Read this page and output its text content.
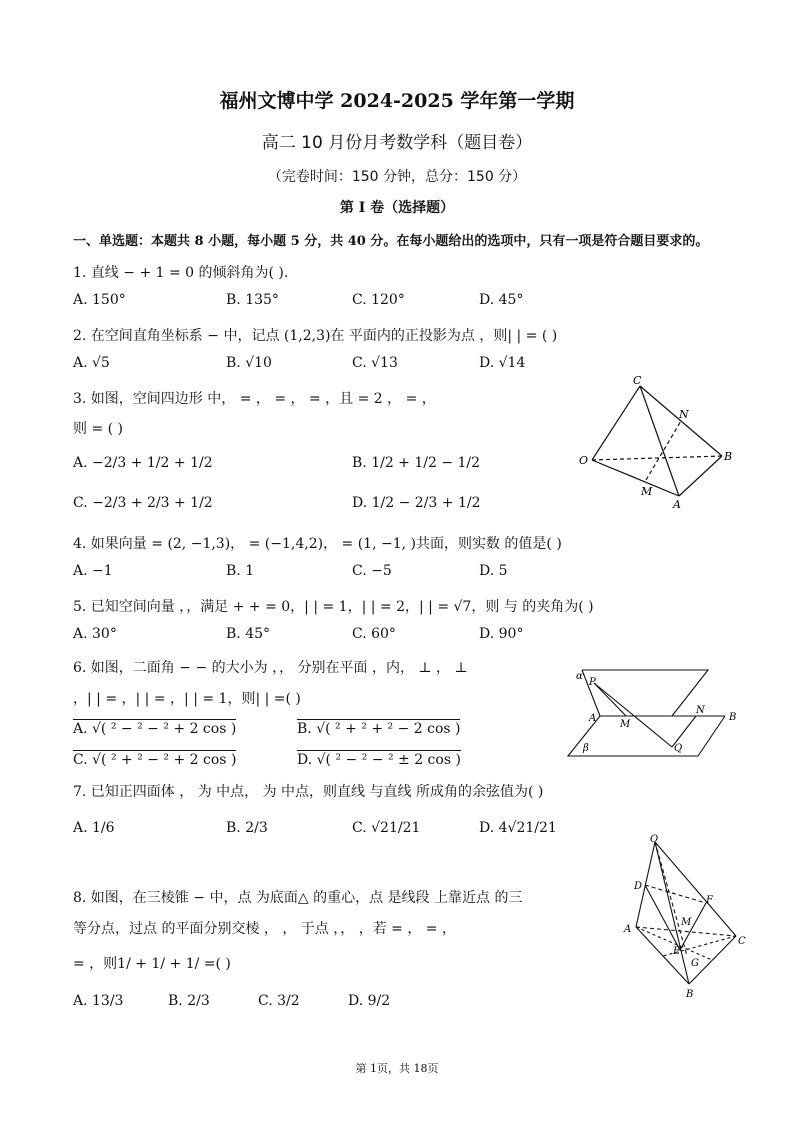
福州文博中学 2024-2025 学年第一学期
高二 10 月份月考数学科（题目卷）
（完卷时间：150 分钟，总分：150 分）
第 I 卷（选择题）
一、单选题：本题共 8 小题，每小题 5 分，共 40 分。在每小题给出的选项中，只有一项是符合题目要求的。
1. 直线 − + 1 = 0 的倾斜角为( ).
A. 150°	B. 135°	C. 120°	D. 45°
2. 在空间直角坐标系 − 中，记点 (1,2,3)在 平面内的正投影为点 ，则| | = ( )
A. √5	B. √10	C. √13	D. √14
3. 如图，空间四边形 中， = ， = ， = ，且 = 2 ， = ，
则 = ( )
A. −2/3 + 1/2 + 1/2	B. 1/2 + 1/2 − 1/2
C. −2/3 + 2/3 + 1/2	D. 1/2 − 2/3 + 1/2
C
N
O	B
M
A
4. 如果向量 = (2, −1,3)， = (−1,4,2)， = (1, −1, )共面，则实数 的值是( )
A. −1	B. 1	C. −5	D. 5
5. 已知空间向量 ，，满足 + + = 0，| | = 1，| | = 2，| | = √7，则 与 的夹角为( )
A. 30°	B. 45°	C. 60°	D. 90°
6. 如图，二面角 − − 的大小为 ，， 分别在平面 ，内， ⊥ ， ⊥
，| | = ，| | = ，| | = 1，则| | =( )
A. √( ² − ² − ² + 2 cos )	B. √( ² + ² + ² − 2 cos )
C. √( ² + ² − ² + 2 cos )	D. √( ² − ² − ² ± 2 cos )
α
P
A
M
N
B
Q
β
7. 已知正四面体 ， 为 中点， 为 中点，则直线 与直线 所成角的余弦值为( )
A. 1/6	B. 2/3	C. √21/21	D. 4√21/21
8. 如图，在三棱锥 − 中，点 为底面△ 的重心，点 是线段 上靠近点 的三
等分点，过点 的平面分别交棱 ， ， 于点 ，， ，若 = ， = ，
= ，则1/ + 1/ + 1/ =( )
A. 13/3	B. 2/3	C. 3/2	D. 9/2
O
D
F
M
A
E
C
G
B
第 1页，共 18页
